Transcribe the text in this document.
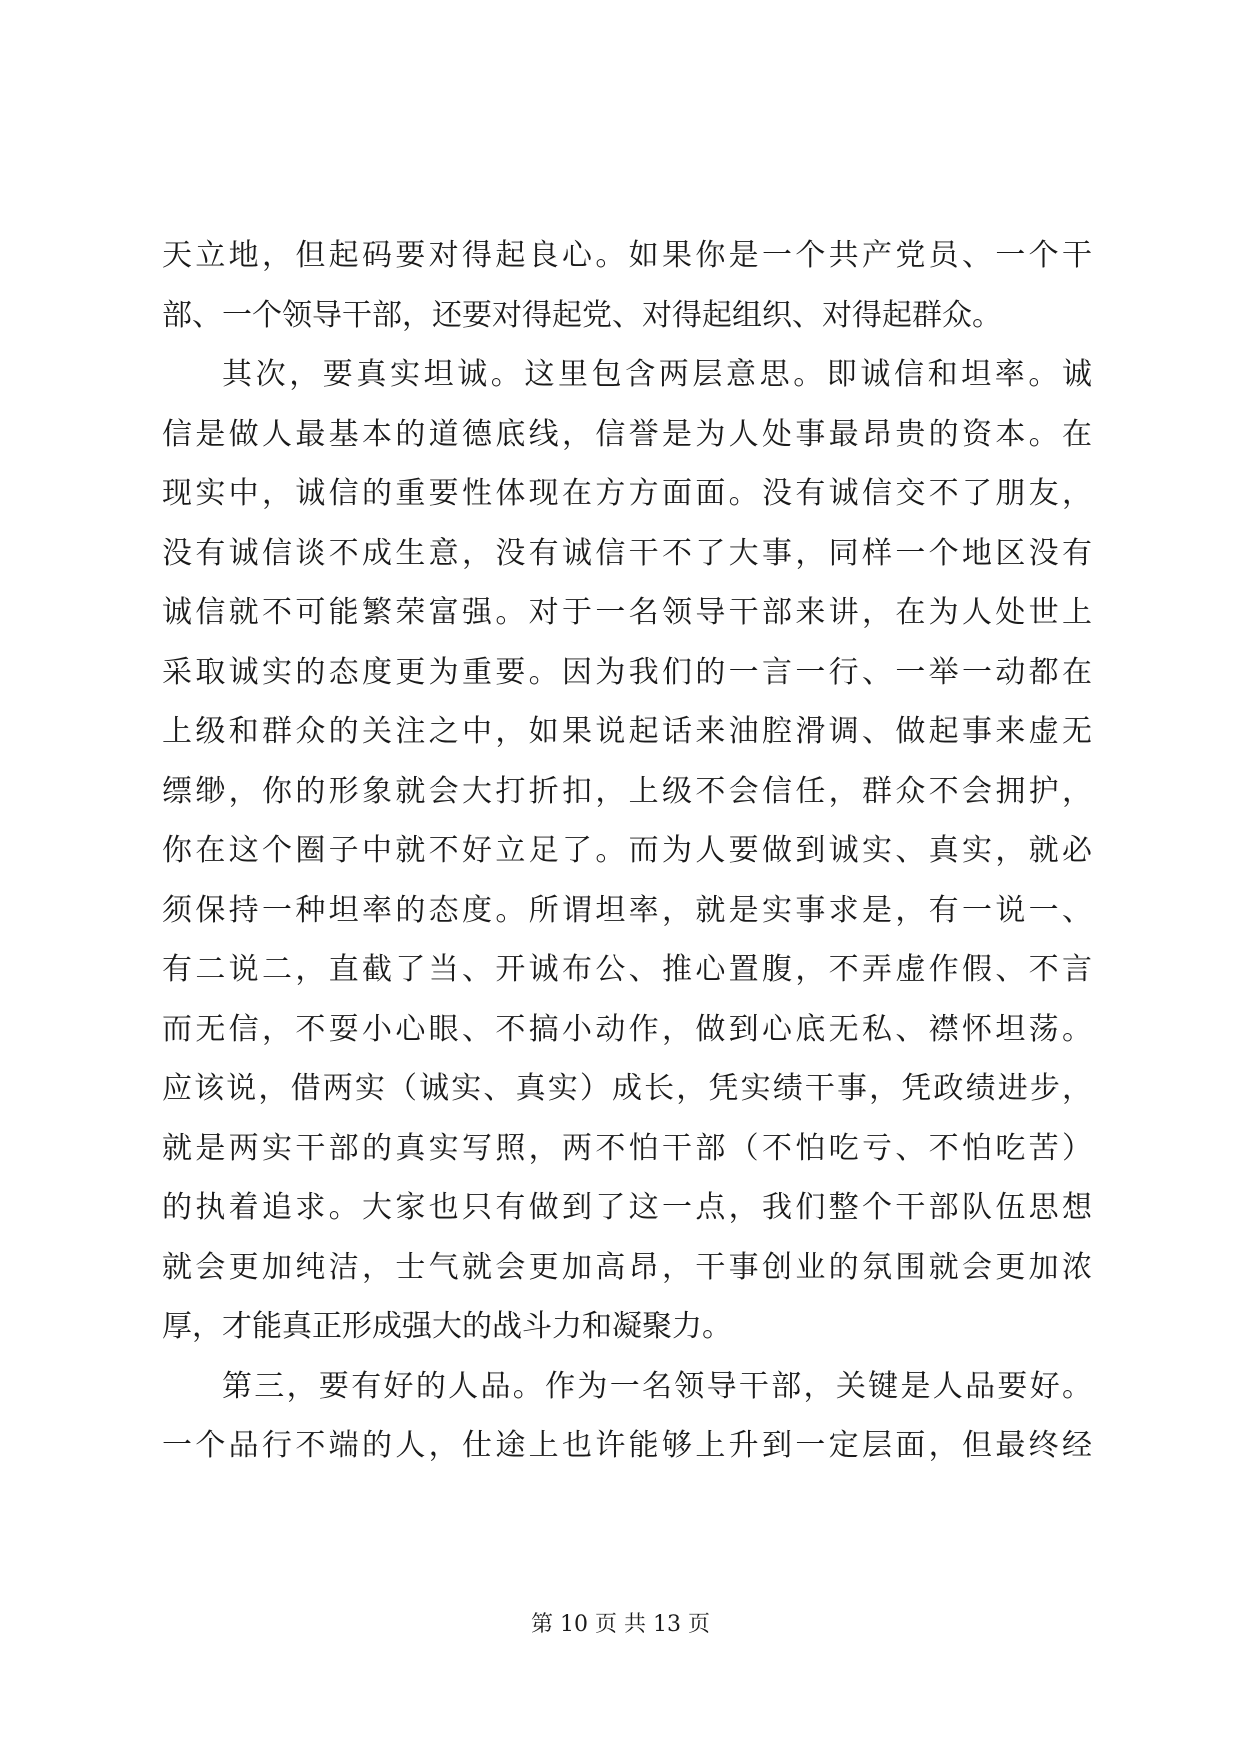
天立地，但起码要对得起良心。如果你是一个共产党员、一个干
部、一个领导干部，还要对得起党、对得起组织、对得起群众。
其次，要真实坦诚。这里包含两层意思。即诚信和坦率。诚
信是做人最基本的道德底线，信誉是为人处事最昂贵的资本。在
现实中，诚信的重要性体现在方方面面。没有诚信交不了朋友，
没有诚信谈不成生意，没有诚信干不了大事，同样一个地区没有
诚信就不可能繁荣富强。对于一名领导干部来讲，在为人处世上
采取诚实的态度更为重要。因为我们的一言一行、一举一动都在
上级和群众的关注之中，如果说起话来油腔滑调、做起事来虚无
缥缈，你的形象就会大打折扣，上级不会信任，群众不会拥护，
你在这个圈子中就不好立足了。而为人要做到诚实、真实，就必
须保持一种坦率的态度。所谓坦率，就是实事求是，有一说一、
有二说二，直截了当、开诚布公、推心置腹，不弄虚作假、不言
而无信，不耍小心眼、不搞小动作，做到心底无私、襟怀坦荡。
应该说，借两实（诚实、真实）成长，凭实绩干事，凭政绩进步，
就是两实干部的真实写照，两不怕干部（不怕吃亏、不怕吃苦）
的执着追求。大家也只有做到了这一点，我们整个干部队伍思想
就会更加纯洁，士气就会更加高昂，干事创业的氛围就会更加浓
厚，才能真正形成强大的战斗力和凝聚力。
第三，要有好的人品。作为一名领导干部，关键是人品要好。
一个品行不端的人，仕途上也许能够上升到一定层面，但最终经
第 10 页 共 13 页
